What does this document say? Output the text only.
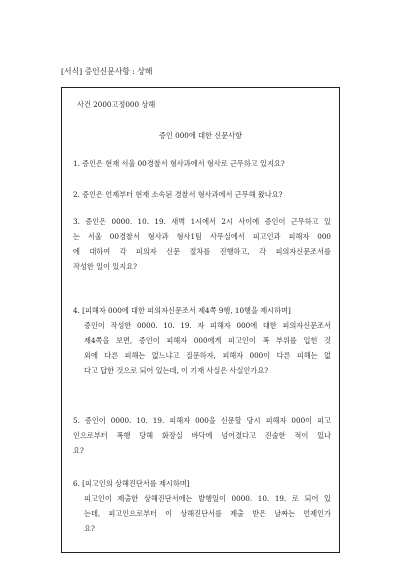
[서식] 증인신문사항 : 상해
사건 2000고정000 상해
증인 000에 대한 신문사항
1. 증인은 현재 서울 00경찰서 형사과에서 형사로 근무하고 있지요?
2. 증인은 언제부터 현재 소속된 경찰서 형사과에서 근무해 왔나요?
3. 증인은 0000. 10. 19. 새벽 1시에서 2시 사이에 증인이 근무하고 있
는 서울 00경찰서 형사과 형사1팀 사무실에서 피고인과 피해자 000
에 대하여 각 피의자 신문 절차를 진행하고, 각 피의자신문조서를
작성한 일이 있지요?
4. [피해자 000에 대한 피의자신문조서 제4쪽 9행, 10행을 제시하며]
증인이 작성한 0000. 10. 19. 자 피해자 000에 대한 피의자신문조서
제4쪽을 보면, 증인이 피해자 000에게 피고인이 폭 부위를 입힌 것
외에 다른 피해는 없느냐고 질문하자, 피해자 000이 다른 피해는 없
다고 답한 것으로 되어 있는데, 이 기재 사실은 사실인가요?
5. 증인이 0000. 10. 19. 피해자 000을 신문할 당시 피해자 000이 피고
인으로부터 폭행 당해 화장실 바닥에 넘어졌다고 진술한 적이 있나
요?
6. [피고인의 상해진단서를 제시하며]
피고인이 제출한 상해진단서에는 발행일이 0000. 10. 19. 로 되어 있
는데, 피고인으로부터 이 상해진단서를 제출 받은 날짜는 언제인가
요?
